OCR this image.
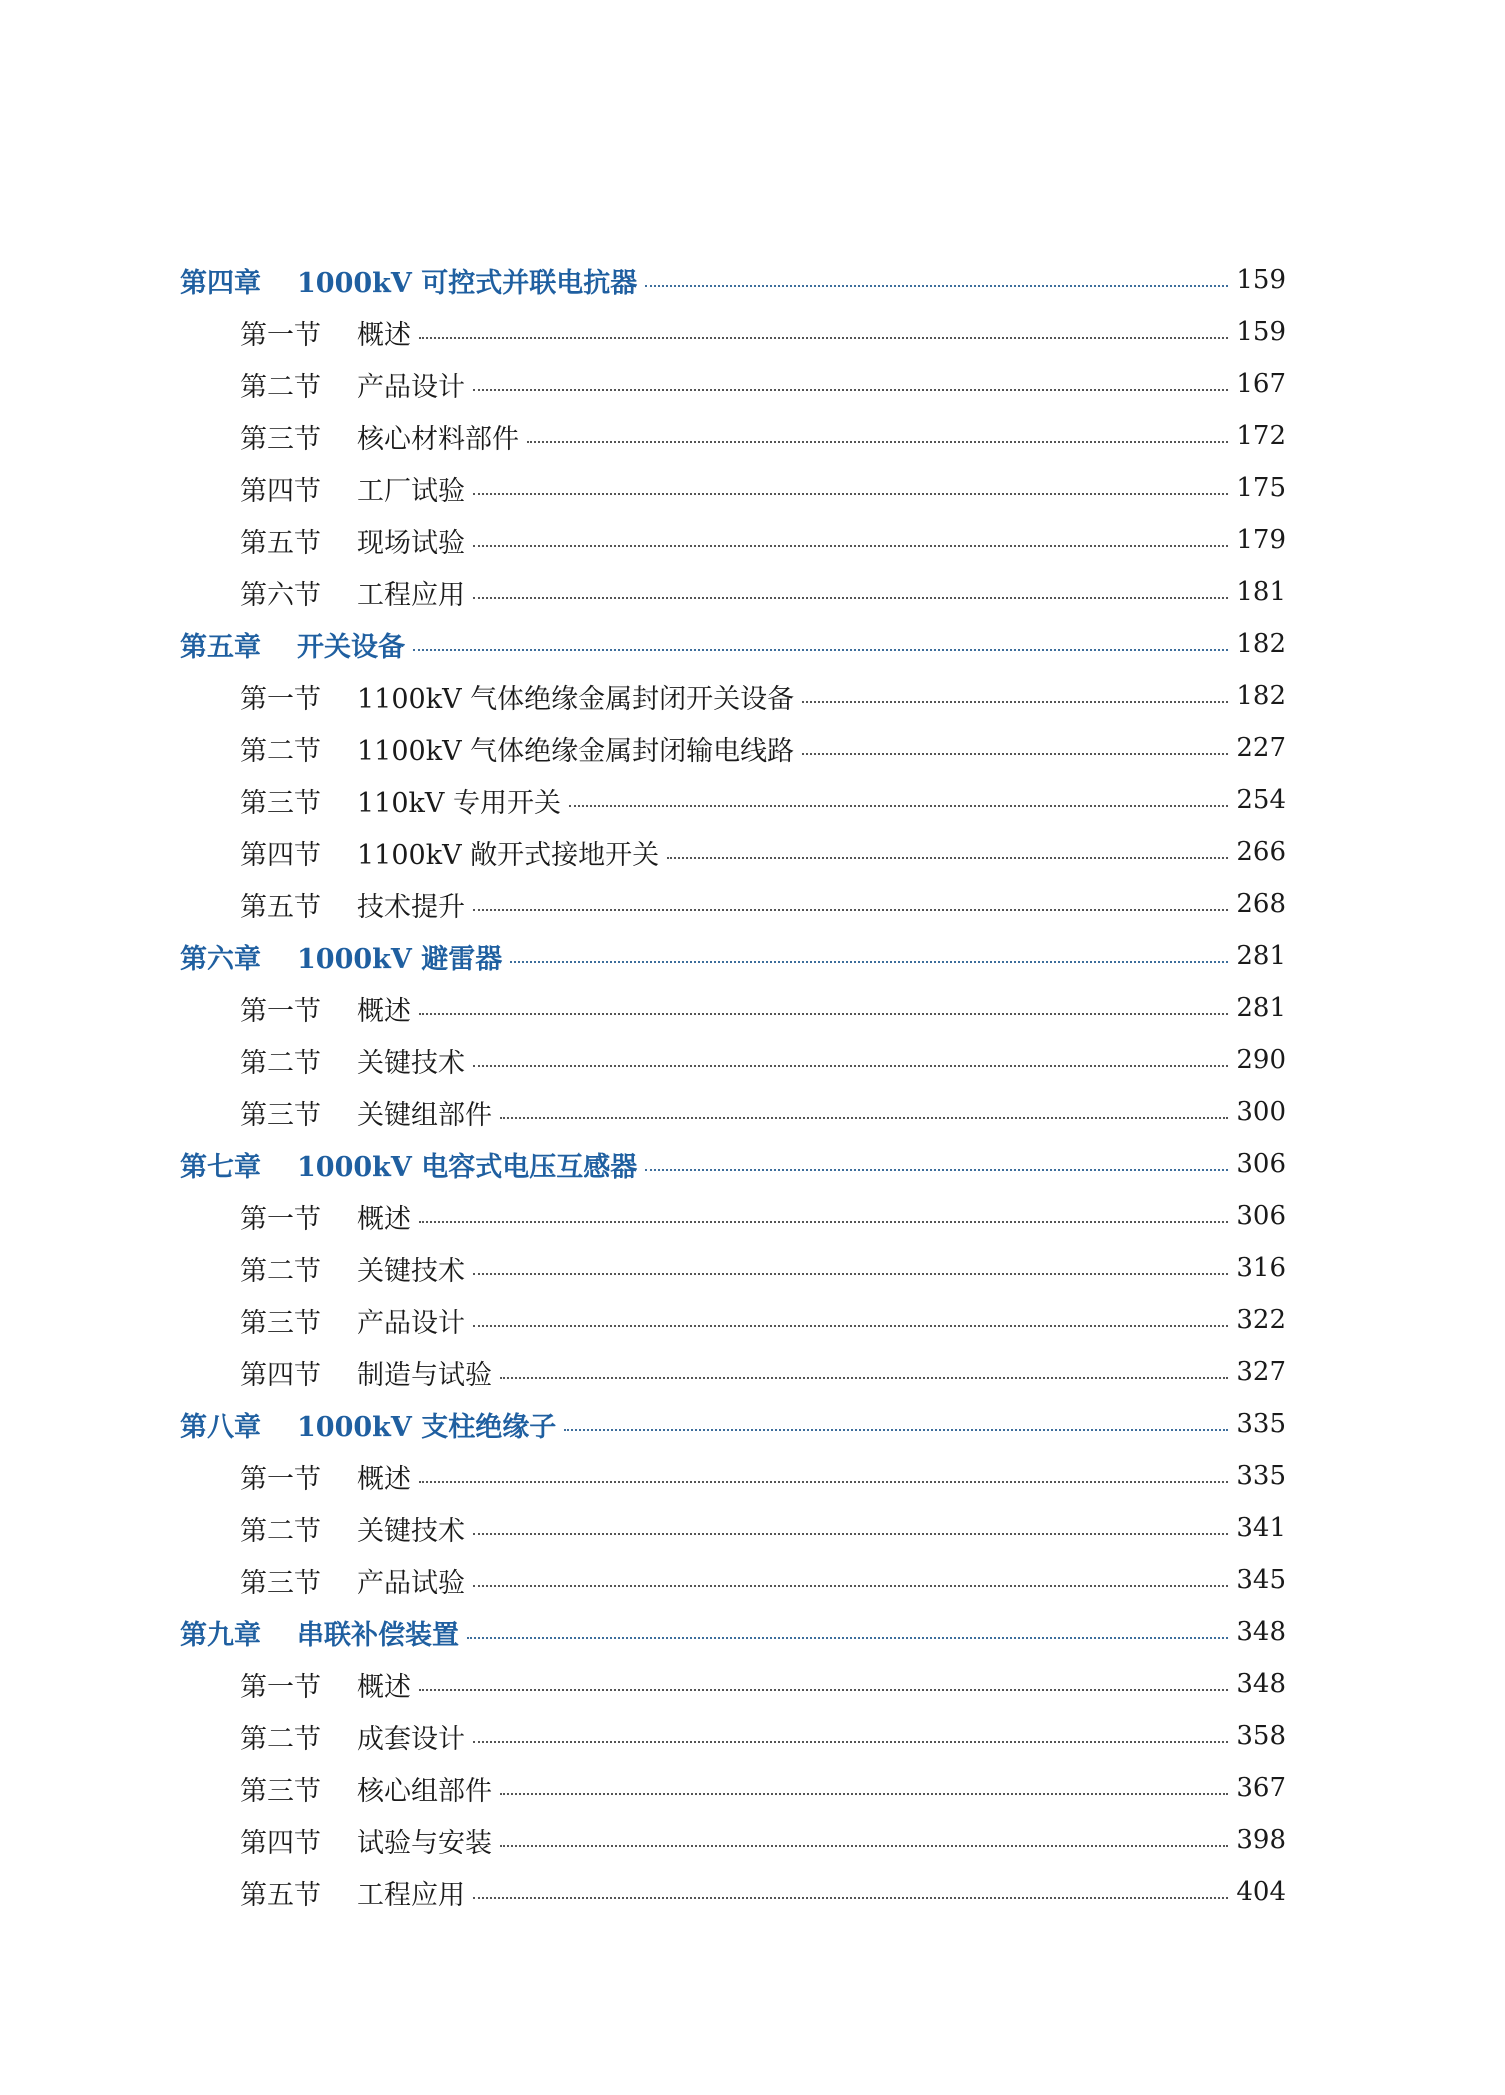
第四章	1000kV 可控式并联电抗器	159
第一节	概述	159
第二节	产品设计	167
第三节	核心材料部件	172
第四节	工厂试验	175
第五节	现场试验	179
第六节	工程应用	181
第五章	开关设备	182
第一节	1100kV 气体绝缘金属封闭开关设备	182
第二节	1100kV 气体绝缘金属封闭输电线路	227
第三节	110kV 专用开关	254
第四节	1100kV 敞开式接地开关	266
第五节	技术提升	268
第六章	1000kV 避雷器	281
第一节	概述	281
第二节	关键技术	290
第三节	关键组部件	300
第七章	1000kV 电容式电压互感器	306
第一节	概述	306
第二节	关键技术	316
第三节	产品设计	322
第四节	制造与试验	327
第八章	1000kV 支柱绝缘子	335
第一节	概述	335
第二节	关键技术	341
第三节	产品试验	345
第九章	串联补偿装置	348
第一节	概述	348
第二节	成套设计	358
第三节	核心组部件	367
第四节	试验与安装	398
第五节	工程应用	404
